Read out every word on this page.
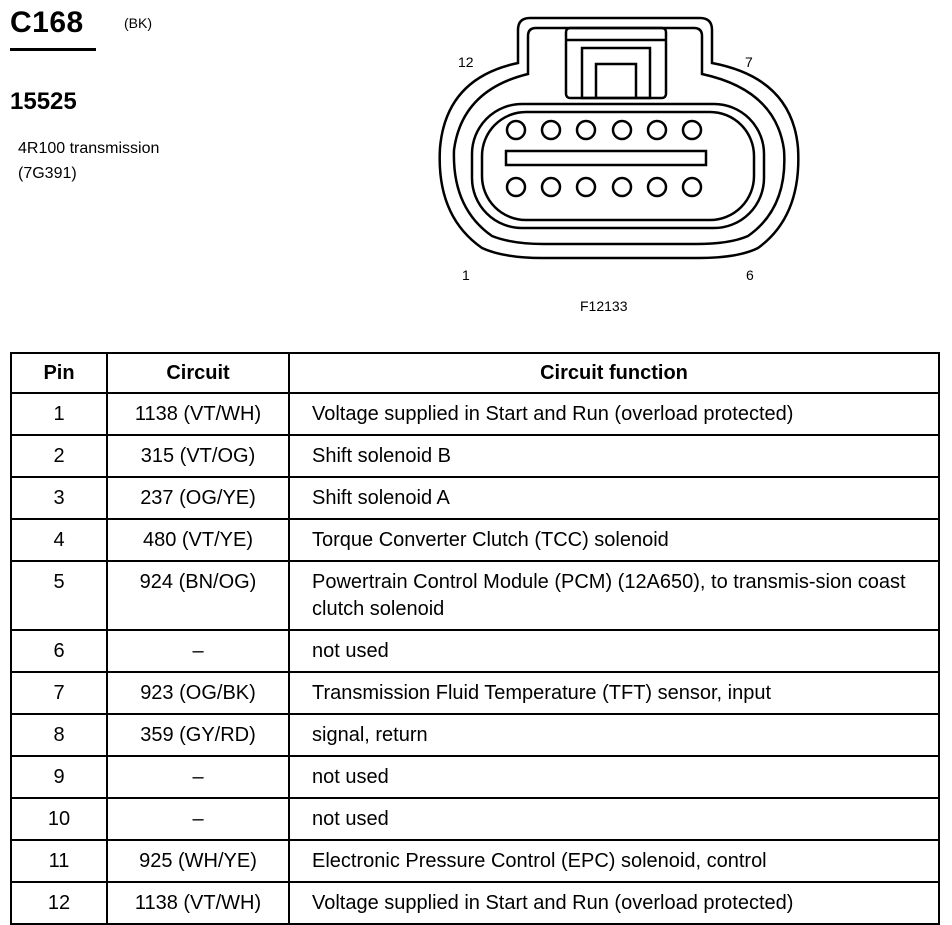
C168	(BK)
15525
4R100 transmission
(7G391)
12	7
1	6
F12133
Pin	Circuit	Circuit function
1	1138 (VT/WH)	Voltage supplied in Start and Run (overload protected)
2	315 (VT/OG)	Shift solenoid B
3	237 (OG/YE)	Shift solenoid A
4	480 (VT/YE)	Torque Converter Clutch (TCC) solenoid
5	924 (BN/OG)	Powertrain Control Module (PCM) (12A650), to transmis-sion coast clutch solenoid
6	–	not used
7	923 (OG/BK)	Transmission Fluid Temperature (TFT) sensor, input
8	359 (GY/RD)	signal, return
9	–	not used
10	–	not used
11	925 (WH/YE)	Electronic Pressure Control (EPC) solenoid, control
12	1138 (VT/WH)	Voltage supplied in Start and Run (overload protected)
